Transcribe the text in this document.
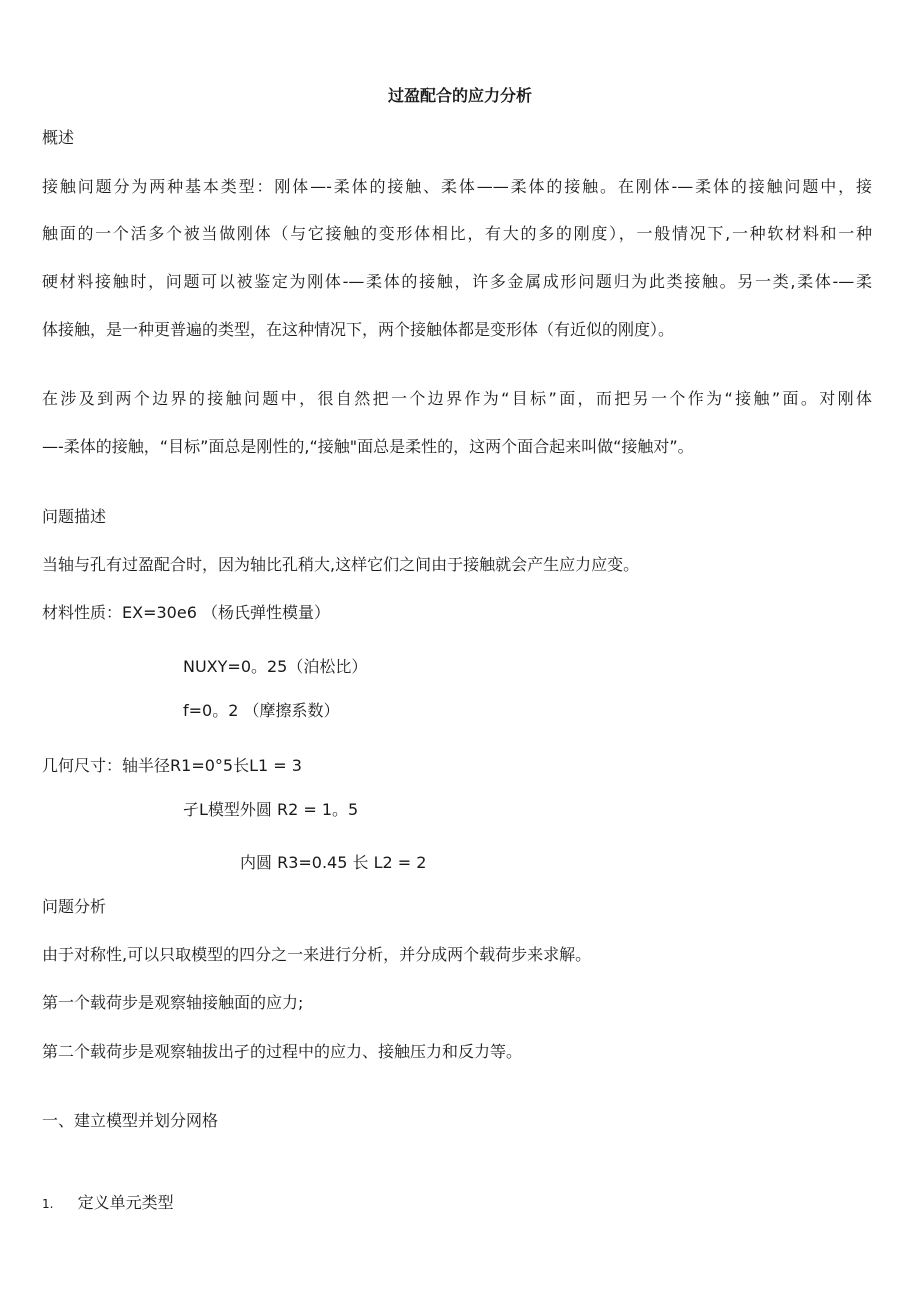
过盈配合的应力分析
概述
接触问题分为两种基本类型：刚体—-柔体的接触、柔体——柔体的接触。在刚体-—柔体的接触问题中，接
触面的一个活多个被当做刚体（与它接触的变形体相比，有大的多的刚度），一般情况下,一种软材料和一种
硬材料接触时，问题可以被鉴定为刚体-—柔体的接触，许多金属成形问题归为此类接触。另一类,柔体-—柔
体接触，是一种更普遍的类型，在这种情况下，两个接触体都是变形体（有近似的刚度）。
在涉及到两个边界的接触问题中，很自然把一个边界作为“目标”面，而把另一个作为“接触”面。对刚体
—-柔体的接触，“目标”面总是刚性的,“接触"面总是柔性的，这两个面合起来叫做“接触对”。
问题描述
当轴与孔有过盈配合时，因为轴比孔稍大,这样它们之间由于接触就会产生应力应变。
材料性质：EX=30e6 （杨氏弹性模量）
NUXY=0。25（泊松比）
f=0。2 （摩擦系数）
几何尺寸：轴半径R1=0°5长L1 = 3
孑L模型外圆 R2 = 1。5
内圆 R3=0.45 长 L2 = 2
问题分析
由于对称性,可以只取模型的四分之一来进行分析，并分成两个载荷步来求解。
第一个载荷步是观察轴接触面的应力;
第二个载荷步是观察轴拔出孑的过程中的应力、接触压力和反力等。
一、建立模型并划分网格
1. 定义单元类型
